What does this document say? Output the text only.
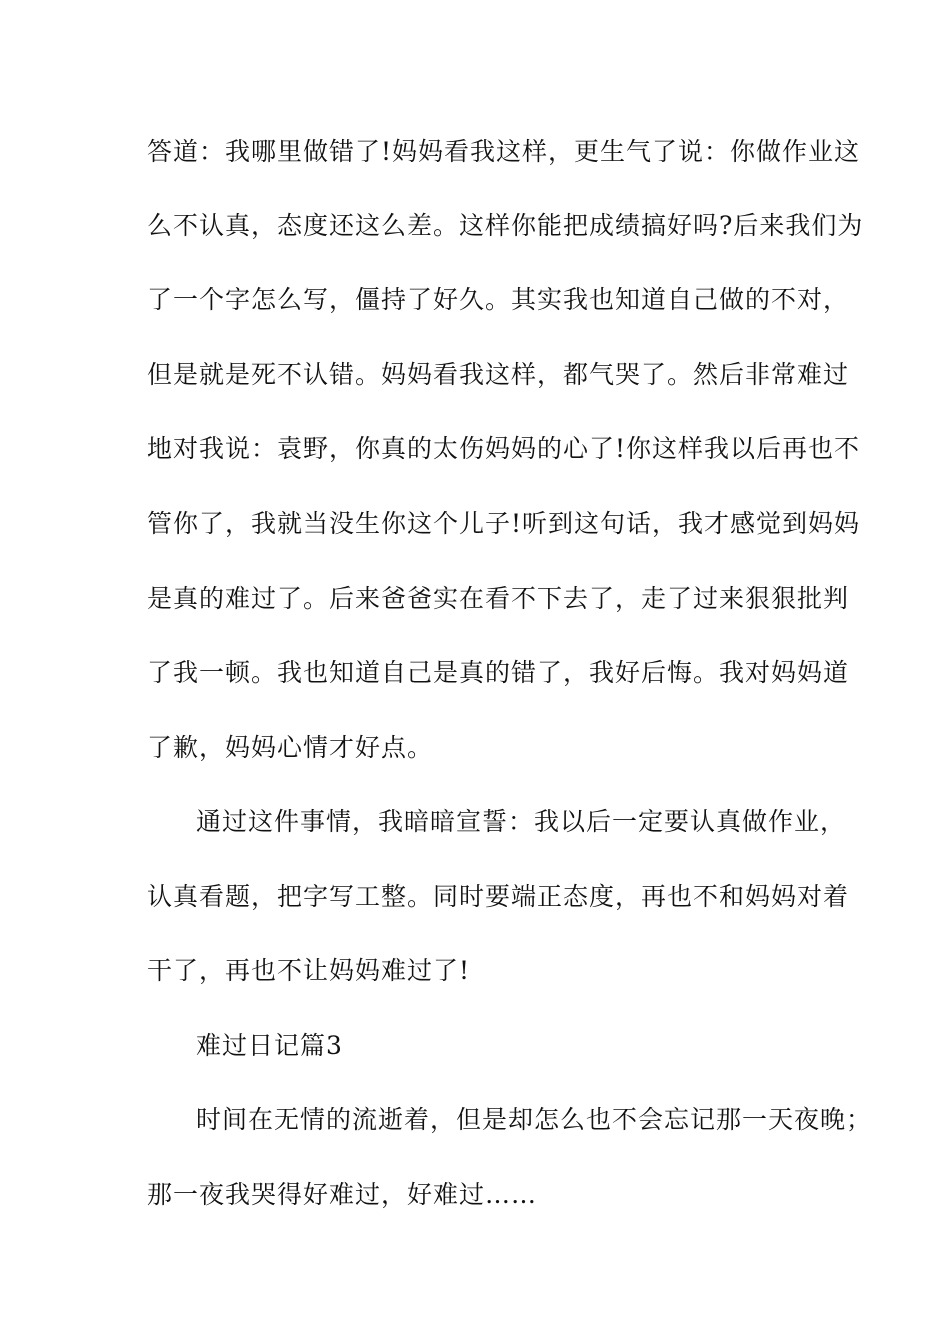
答道：我哪里做错了!妈妈看我这样，更生气了说：你做作业这
么不认真，态度还这么差。这样你能把成绩搞好吗?后来我们为
了一个字怎么写，僵持了好久。其实我也知道自己做的不对，
但是就是死不认错。妈妈看我这样，都气哭了。然后非常难过
地对我说：袁野，你真的太伤妈妈的心了!你这样我以后再也不
管你了，我就当没生你这个儿子!听到这句话，我才感觉到妈妈
是真的难过了。后来爸爸实在看不下去了，走了过来狠狠批判
了我一顿。我也知道自己是真的错了，我好后悔。我对妈妈道
了歉，妈妈心情才好点。
通过这件事情，我暗暗宣誓：我以后一定要认真做作业，
认真看题，把字写工整。同时要端正态度，再也不和妈妈对着
干了，再也不让妈妈难过了!
难过日记篇3
时间在无情的流逝着，但是却怎么也不会忘记那一天夜晚；
那一夜我哭得好难过，好难过……
